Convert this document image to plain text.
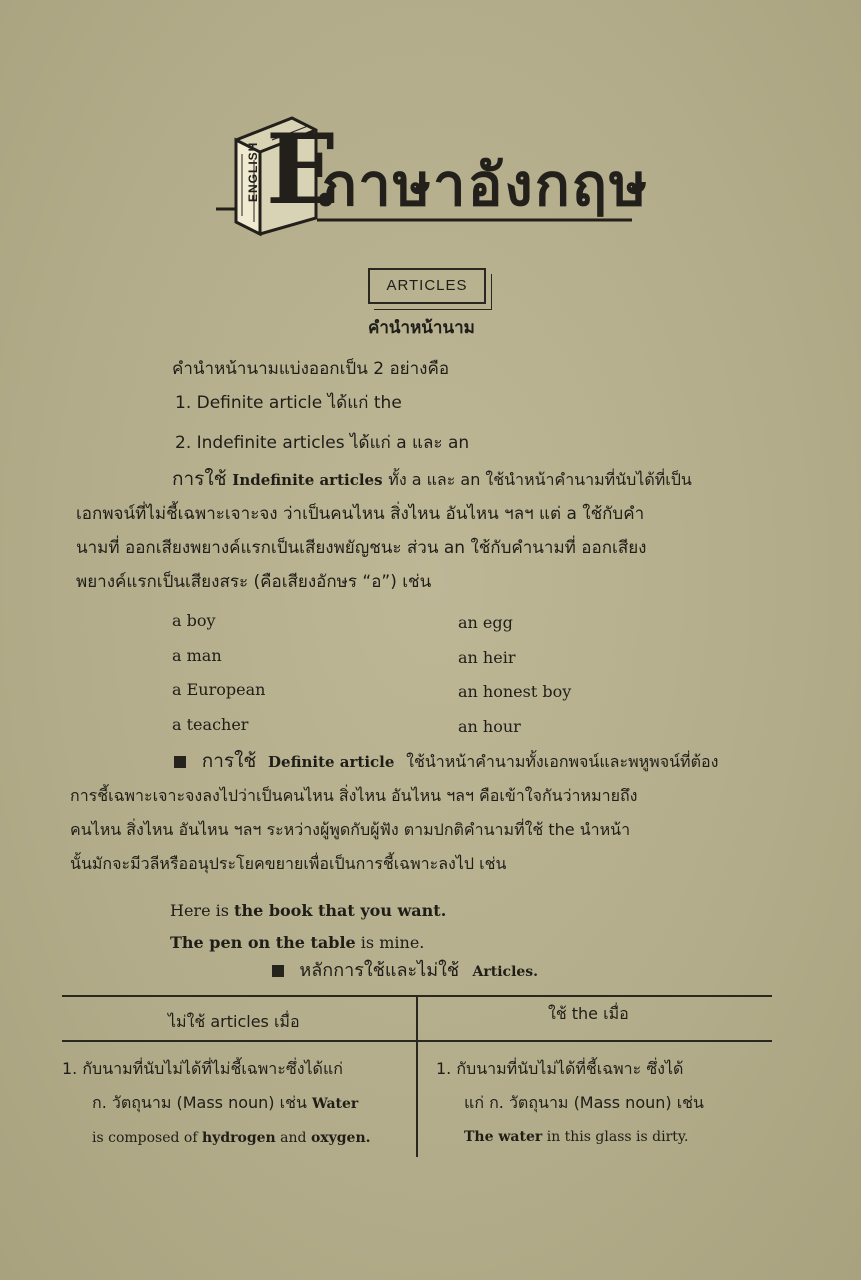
ENGLISH E
ภาษาอังกฤษ
ARTICLES
คำนำหน้านาม
คำนำหน้านามแบ่งออกเป็น 2 อย่างคือ
1. Definite article ได้แก่ the
2. Indefinite articles ได้แก่ a และ an
การใช้ Indefinite articles ทั้ง a และ an ใช้นำหน้าคำนามที่นับได้ที่เป็น
เอกพจน์ที่ไม่ชี้เฉพาะเจาะจง ว่าเป็นคนไหน สิ่งไหน อันไหน ฯลฯ แต่ a ใช้กับคำ
นามที่ ออกเสียงพยางค์แรกเป็นเสียงพยัญชนะ ส่วน an ใช้กับคำนามที่ ออกเสียง
พยางค์แรกเป็นเสียงสระ (คือเสียงอักษร “อ”) เช่น
a boy
a man
a European
a teacher
an egg
an heir
an honest boy
an hour
การใช้ Definite article ใช้นำหน้าคำนามทั้งเอกพจน์และพหูพจน์ที่ต้อง
การชี้เฉพาะเจาะจงลงไปว่าเป็นคนไหน สิ่งไหน อันไหน ฯลฯ คือเข้าใจกันว่าหมายถึง
คนไหน สิ่งไหน อันไหน ฯลฯ ระหว่างผู้พูดกับผู้ฟัง ตามปกติคำนามที่ใช้ the นำหน้า
นั้นมักจะมีวลีหรืออนุประโยคขยายเพื่อเป็นการชี้เฉพาะลงไป เช่น
Here is the book that you want.
The pen on the table is mine.
หลักการใช้และไม่ใช้ Articles.
ไม่ใช้ articles เมื่อ	ใช้ the เมื่อ
1. กับนามที่นับไม่ได้ที่ไม่ชี้เฉพาะซึ่งได้แก่
ก. วัตถุนาม (Mass noun) เช่น Water
is composed of hydrogen and oxygen.
1. กับนามที่นับไม่ได้ที่ชี้เฉพาะ ซึ่งได้
แก่ ก. วัตถุนาม (Mass noun) เช่น
The water in this glass is dirty.
